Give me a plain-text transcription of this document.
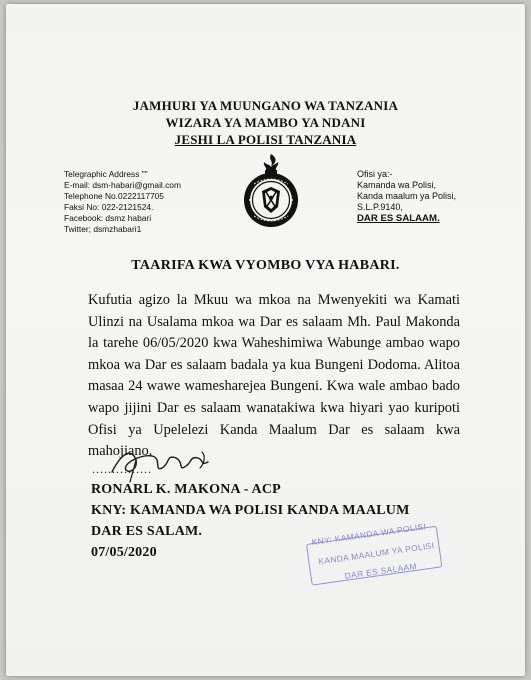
JAMHURI YA MUUNGANO WA TANZANIA
WIZARA YA MAMBO YA NDANI
JESHI LA POLISI TANZANIA
Telegraphic Address ""
E-mail: dsm·habari@gmail.com
Telephone No.0222117705
Faksi No: 022-2121524.
Facebook: dsmz habari
Twitter; dsmzhabari1
Ofisi ya:-
Kamanda wa Polisi,
Kanda maalum ya Polisi,
S.L.P.9140,
DAR ES SALAAM.
TAARIFA KWA VYOMBO VYA HABARI.
Kufutia agizo la Mkuu wa mkoa na Mwenyekiti wa Kamati Ulinzi na Usalama mkoa wa Dar es salaam Mh. Paul Makonda la tarehe 06/05/2020 kwa Waheshimiwa Wabunge ambao wapo mkoa wa Dar es salaam badala ya kua Bungeni Dodoma. Alitoa masaa 24 wawe wamesharejea Bungeni. Kwa wale ambao bado wapo jijini Dar es salaam wanatakiwa kwa hiyari yao kuripoti Ofisi ya Upelelezi Kanda Maalum Dar es salaam kwa mahojiano.
...............
RONARL K. MAKONA - ACP
KNY: KAMANDA WA POLISI KANDA MAALUM
DAR ES SALAM.
07/05/2020
KNY: KAMANDA WA POLISI
KANDA MAALUM YA POLISI
DAR ES SALAAM
